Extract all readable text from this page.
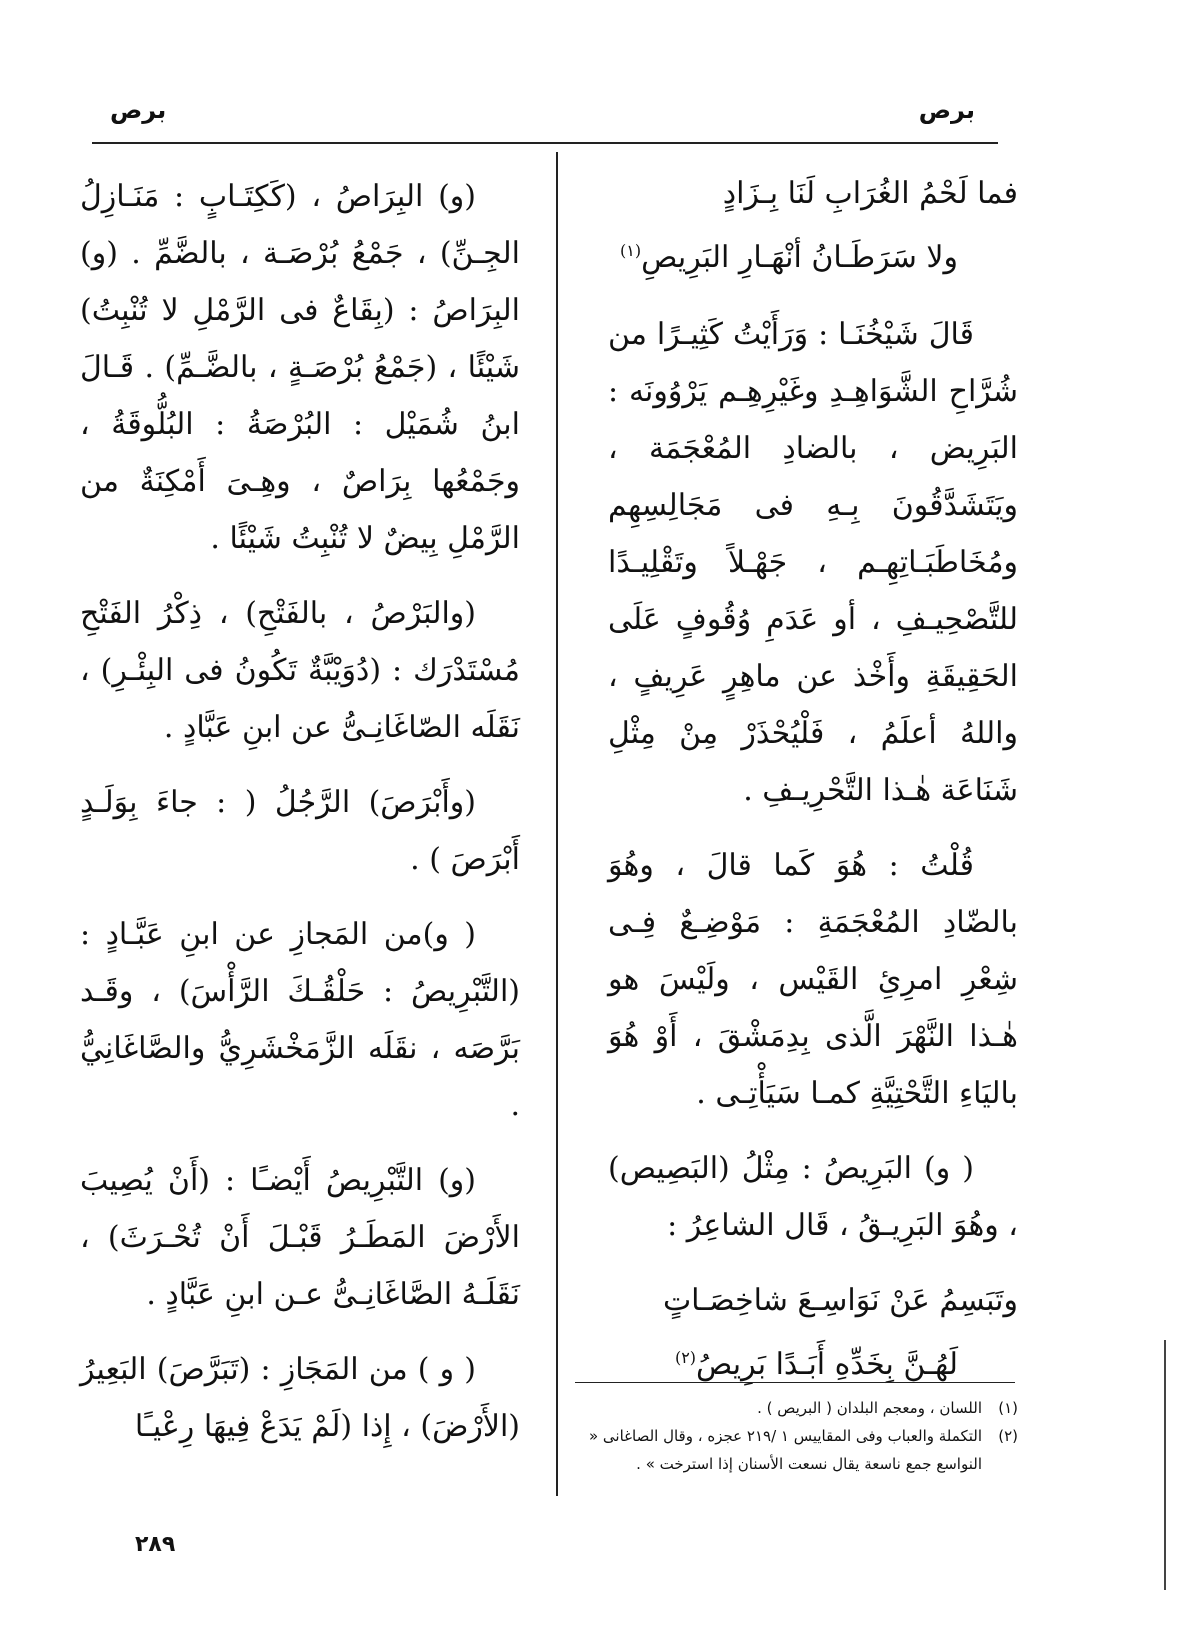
برص
برص
فما لَحْمُ الغُرَابِ لَنَا بِـزَادٍ
ولا سَرَطَـانُ أنْهَـارِ البَرِيصِ$^{(١)}$

قَالَ شَيْخُنَـا : وَرَأَيْتُ كَثِيـرًا من شُرَّاحِ الشَّوَاهِـدِ وغَيْرِهِـم يَرْوُونَه : البَرِيض ، بالضادِ المُعْجَمَة ، ويَتَشَدَّقُونَ بِـهِ فى مَجَالِسِهِم ومُخَاطَبَـاتِهِـم ، جَهْـلاً وتَقْلِيـدًا للتَّصْحِيـفِ ، أو عَدَمِ وُقُوفٍ عَلَى الحَقِيقَةِ وأَخْذ عن ماهِرٍ عَرِيفٍ ، واللهُ أعلَمُ ، فَلْيُحْذَرْ مِنْ مِثْلِ شَنَاعَة هٰـذا التَّحْرِيـفِ .

قُلْتُ : هُوَ كَما قالَ ، وهُوَ بالضّادِ المُعْجَمَةِ : مَوْضِـعٌ فِـى شِعْرِ امرِئِ القَيْس ، ولَيْسَ هو هٰـذا النَّهْرَ الَّذى بِدِمَشْقَ ، أَوْ هُوَ باليَاءِ التَّحْتِيَّةِ كمـا سَيَأْتِـى .

( و) البَرِيصُ : مِثْلُ (البَصِيص) ، وهُوَ البَرِيـقُ ، قَال الشاعِرُ :

وتَبَسِمُ عَنْ نَوَاسِـعَ شاخِصَـاتٍ
لَهُـنَّ بِخَدِّهِ أَبَـدًا بَرِيصُ$^{(٢)}$

(و) البِرَاصُ ، (كَكِتَـابٍ : مَنَـازِلُ الجِـنِّ) ، جَمْعُ بُرْصَـة ، بالضَّمِّ . (و) البِرَاصُ : (بِقَاعٌ فى الرَّمْلِ لا تُنْبِتُ) شَيْئًا ، (جَمْعُ بُرْصَـةٍ ، بالضَّـمِّ) . قَـالَ ابنُ شُمَيْل : البُرْصَةُ : البُلُّوقَةُ ، وجَمْعُها بِرَاصٌ ، وهِـىَ أَمْكِنَةٌ من الرَّمْلِ بِيضٌ لا تُنْبِتُ شَيْئًا .

(والبَرْصُ ، بالفَتْحِ) ، ذِكْرُ الفَتْحِ مُسْتَدْرَك : (دُوَيْبَّةٌ تَكُونُ فى البِئْـرِ) ، نَقَلَه الصّاغَانِـىُّ عن ابنِ عَبَّادٍ .

(وأَبْرَصَ) الرَّجُلُ ( : جاءَ بِوَلَـدٍ أَبْرَصَ ) .

( و)من المَجازِ عن ابنِ عَبَّـادٍ : (التَّبْرِيصُ : حَلْقُـكَ الرَّأْسَ) ، وقَـد بَرَّصَه ، نقَلَه الزَّمَخْشَرِيُّ والصَّاغَانِيُّ .

(و) التَّبْرِيصُ أَيْضـًا : (أَنْ يُصِيبَ الأَرْضَ المَطَـرُ قَبْـلَ أَنْ تُحْـرَثَ) ، نَقَلَـهُ الصَّاغَانِـىُّ عـن ابنِ عَبَّادٍ .

( و ) من المَجَازِ : (تَبَرَّصَ) البَعِيرُ (الأَرْضَ) ، إِذا (لَمْ يَدَعْ فِيهَا رِعْيـًا

(١)
اللسان ، ومعجم البلدان ( البريص ) .
(٢)
التكملة والعباب وفى المقاييس ١ /٢١٩ عجزه ، وقال الصاغانى « النواسع جمع ناسعة يقال نسعت الأسنان إذا استرخت » .
٢٨٩
